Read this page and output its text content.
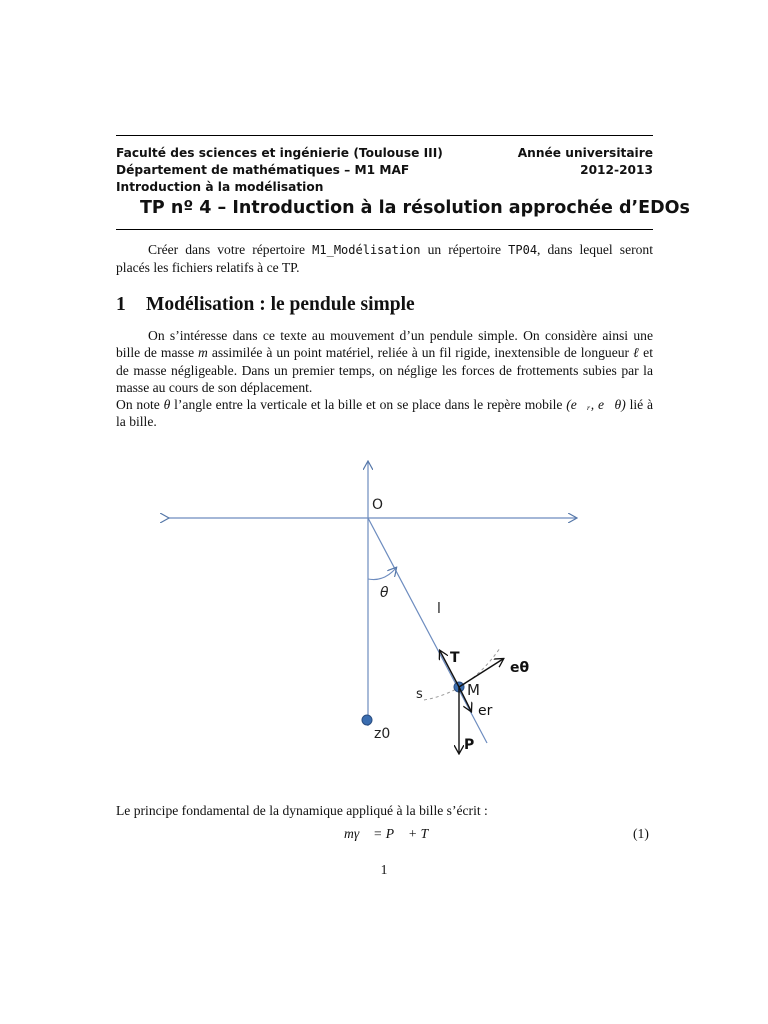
Faculté des sciences et ingénierie (Toulouse III)	Année universitaire
Département de mathématiques – M1 MAF	2012-2013
Introduction à la modélisation
TP nº 4 – Introduction à la résolution approchée d’EDOs
Créer dans votre répertoire M1_Modélisation un répertoire TP04, dans lequel seront placés les fichiers relatifs à ce TP.
1 Modélisation : le pendule simple
On s’intéresse dans ce texte au mouvement d’un pendule simple. On considère ainsi une bille de masse m assimilée à un point matériel, reliée à un fil rigide, inextensible de longueur ℓ et de masse négligeable. Dans un premier temps, on néglige les forces de frottements subies par la masse au cours de son déplacement.
On note θ l’angle entre la verticale et la bille et on se place dans le repère mobile (e⃗ᵣ, e⃗θ) lié à la bille.
O
θ
l
T
eθ
s	M
er
z0
P
Le principe fondamental de la dynamique appliqué à la bille s’écrit :
mγ⃗ = P⃗ + T⃗	(1)
1
